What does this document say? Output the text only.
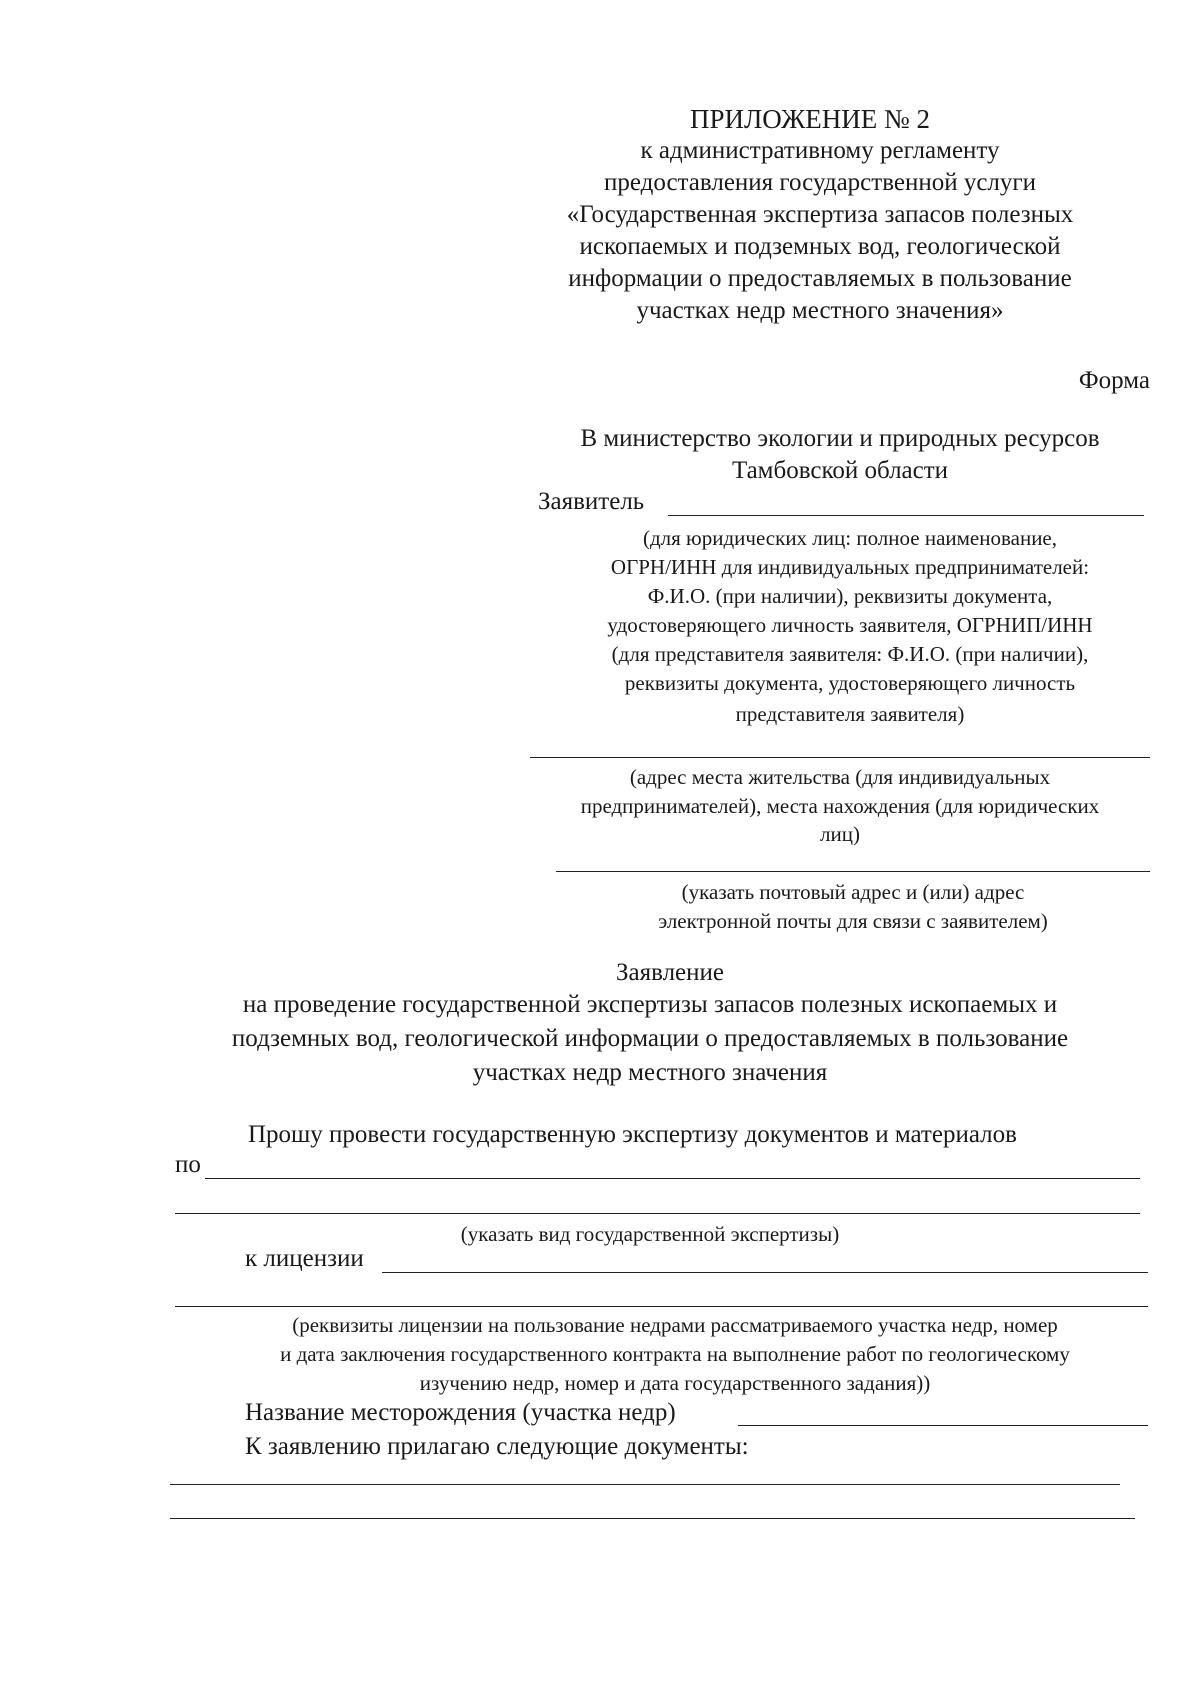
ПРИЛОЖЕНИЕ № 2
к административному регламенту
предоставления государственной услуги
«Государственная экспертиза запасов полезных
ископаемых и подземных вод, геологической
информации о предоставляемых в пользование
участках недр местного значения»
Форма
В министерство экологии и природных ресурсов
Тамбовской области
Заявитель
(для юридических лиц: полное наименование,
ОГРН/ИНН для индивидуальных предпринимателей:
Ф.И.О. (при наличии), реквизиты документа,
удостоверяющего личность заявителя, ОГРНИП/ИНН
(для представителя заявителя: Ф.И.О. (при наличии),
реквизиты документа, удостоверяющего личность
представителя заявителя)
(адрес места жительства (для индивидуальных
предпринимателей), места нахождения (для юридических
лиц)
(указать почтовый адрес и (или) адрес
электронной почты для связи с заявителем)
Заявление
на проведение государственной экспертизы запасов полезных ископаемых и
подземных вод, геологической информации о предоставляемых в пользование
участках недр местного значения
Прошу провести государственную экспертизу документов и материалов
по
(указать вид государственной экспертизы)
к лицензии
(реквизиты лицензии на пользование недрами рассматриваемого участка недр, номер
и дата заключения государственного контракта на выполнение работ по геологическому
изучению недр, номер и дата государственного задания))
Название месторождения (участка недр)
К заявлению прилагаю следующие документы:
